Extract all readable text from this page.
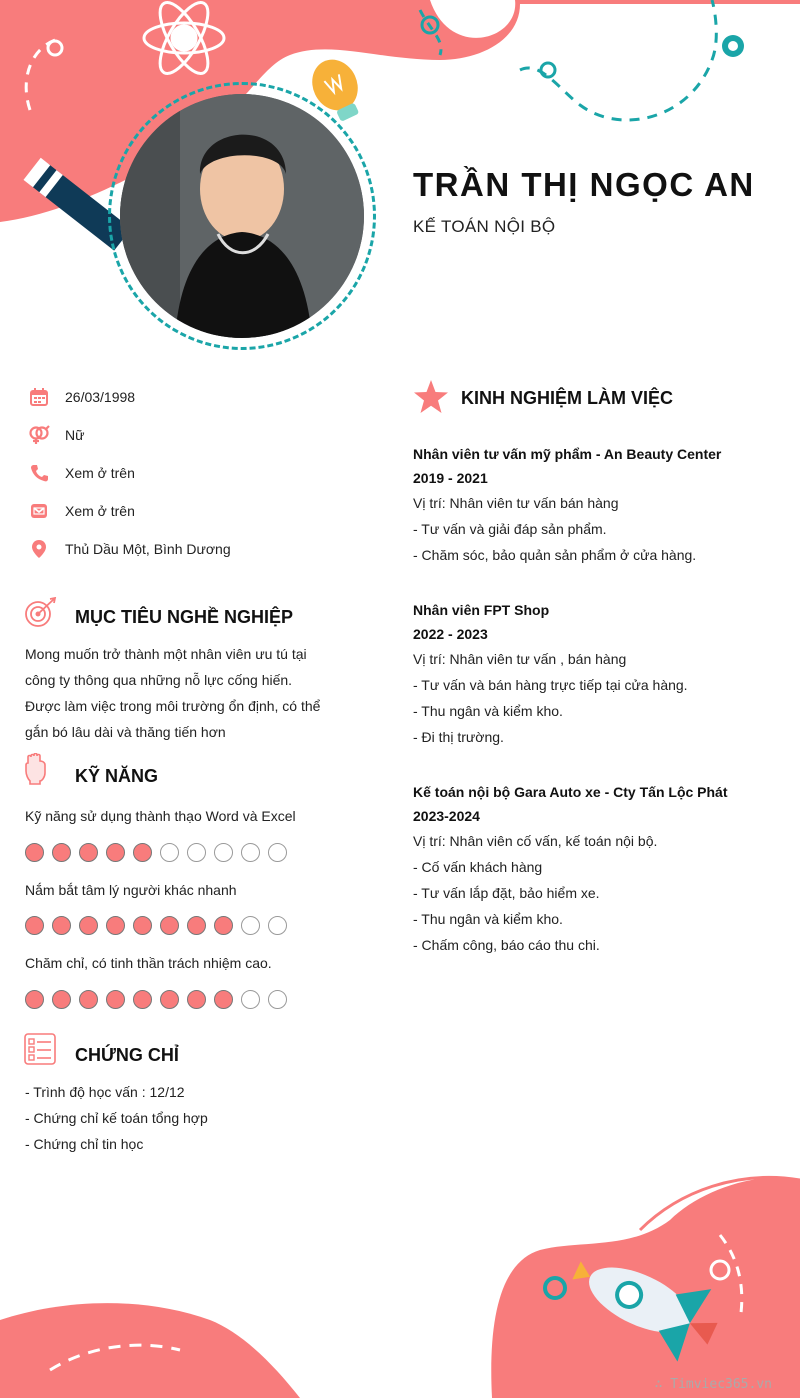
TRẦN THỊ NGỌC AN
KẾ TOÁN NỘI BỘ
26/03/1998
Nữ
Xem ở trên
Xem ở trên
Thủ Dầu Một, Bình Dương
MỤC TIÊU NGHỀ NGHIỆP
Mong muốn trở thành một nhân viên ưu tú tại
công ty thông qua những nỗ lực cống hiến.
Được làm việc trong môi trường ổn định, có thể
gắn bó lâu dài và thăng tiến hơn
KỸ NĂNG
Kỹ năng sử dụng thành thạo Word và Excel
Nắm bắt tâm lý người khác nhanh
Chăm chỉ, có tinh thần trách nhiệm cao.
CHỨNG CHỈ
- Trình độ học vấn : 12/12
- Chứng chỉ kế toán tổng hợp
- Chứng chỉ tin học
KINH NGHIỆM LÀM VIỆC
Nhân viên tư vấn mỹ phẩm - An Beauty Center
2019 - 2021
Vị trí: Nhân viên tư vấn bán hàng
- Tư vấn và giải đáp sản phẩm.
- Chăm sóc, bảo quản sản phẩm ở cửa hàng.
Nhân viên FPT Shop
2022 - 2023
Vị trí: Nhân viên tư vấn , bán hàng
- Tư vấn và bán hàng trực tiếp tại cửa hàng.
- Thu ngân và kiểm kho.
- Đi thị trường.
Kế toán nội bộ Gara Auto xe - Cty Tấn Lộc Phát
2023-2024
Vị trí: Nhân viên cố vấn, kế toán nội bộ.
- Cố vấn khách hàng
- Tư vấn lắp đặt, bảo hiểm xe.
- Thu ngân và kiểm kho.
- Chấm công, báo cáo thu chi.
∴ Timviec365.vn
